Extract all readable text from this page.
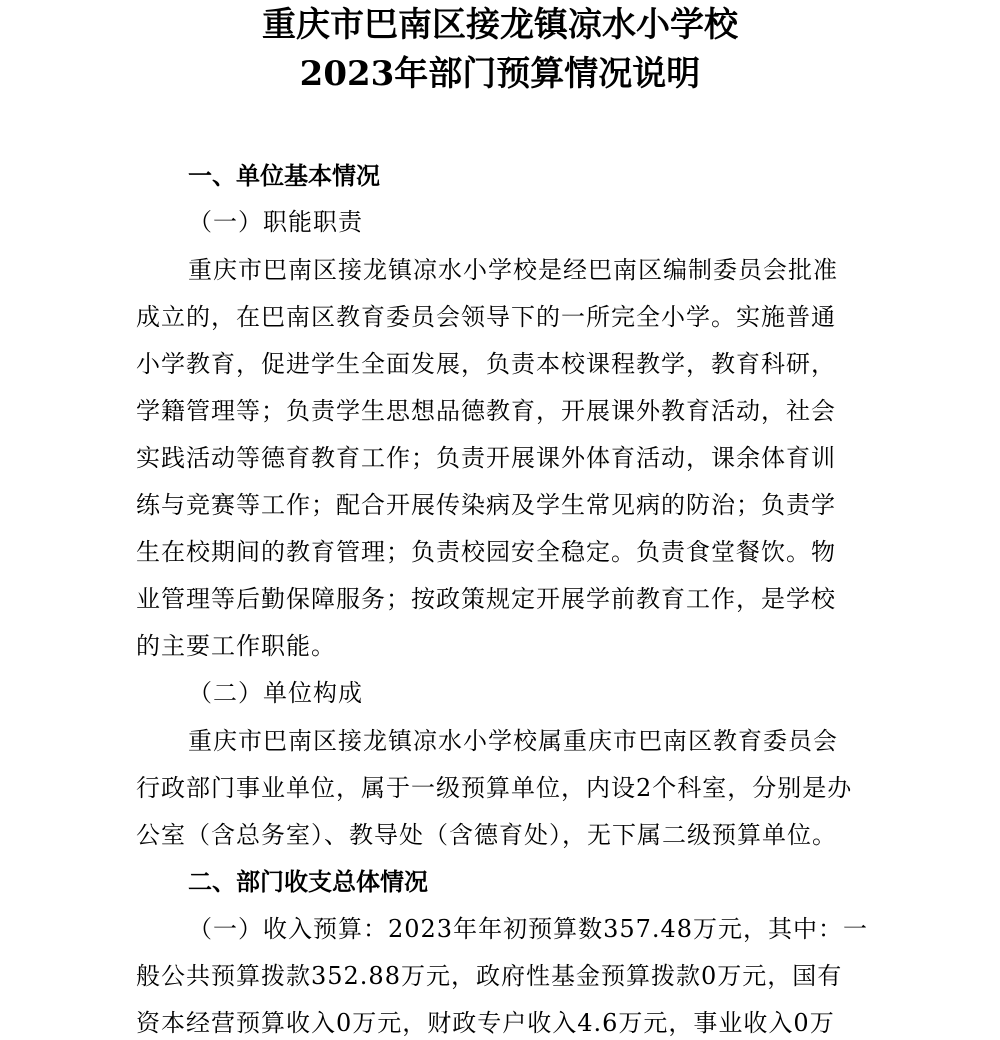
重庆市巴南区接龙镇凉水小学校
2023年部门预算情况说明
一、单位基本情况
（一）职能职责
重庆市巴南区接龙镇凉水小学校是经巴南区编制委员会批准
成立的，在巴南区教育委员会领导下的一所完全小学。实施普通
小学教育，促进学生全面发展，负责本校课程教学，教育科研，
学籍管理等；负责学生思想品德教育，开展课外教育活动，社会
实践活动等德育教育工作；负责开展课外体育活动，课余体育训
练与竞赛等工作；配合开展传染病及学生常见病的防治；负责学
生在校期间的教育管理；负责校园安全稳定。负责食堂餐饮。物
业管理等后勤保障服务；按政策规定开展学前教育工作，是学校
的主要工作职能。
（二）单位构成
重庆市巴南区接龙镇凉水小学校属重庆市巴南区教育委员会
行政部门事业单位，属于一级预算单位，内设2个科室，分别是办
公室（含总务室）、教导处（含德育处），无下属二级预算单位。
二、部门收支总体情况
（一）收入预算：2023年年初预算数357.48万元，其中：一
般公共预算拨款352.88万元，政府性基金预算拨款0万元，国有
资本经营预算收入0万元，财政专户收入4.6万元，事业收入0万
